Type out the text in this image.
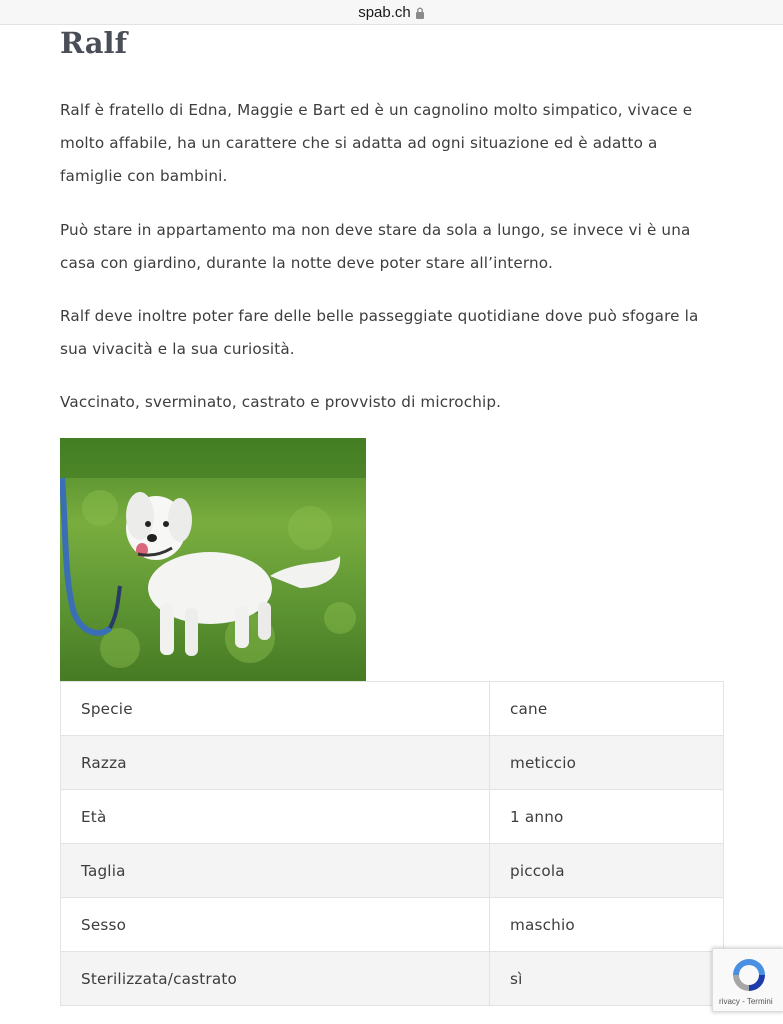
spab.ch
Ralf

Ralf è fratello di Edna, Maggie e Bart ed è un cagnolino molto simpatico, vivace e molto affabile, ha un carattere che si adatta ad ogni situazione ed è adatto a famiglie con bambini.

Può stare in appartamento ma non deve stare da sola a lungo, se invece vi è una casa con giardino, durante la notte deve poter stare all’interno.

Ralf deve inoltre poter fare delle belle passeggiate quotidiane dove può sfogare la sua vivacità e la sua curiosità.

Vaccinato, sverminato, castrato e provvisto di microchip.

Specie	cane
Razza	meticcio
Età	1 anno
Taglia	piccola
Sesso	maschio
Sterilizzata/castrato	sì
rivacy - Termini
